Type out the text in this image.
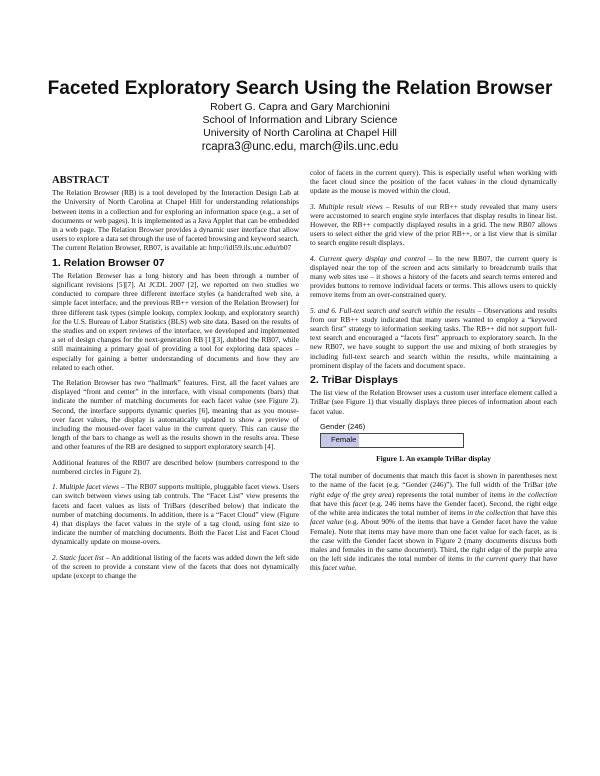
Faceted Exploratory Search Using the Relation Browser
Robert G. Capra and Gary Marchionini
School of Information and Library Science
University of North Carolina at Chapel Hill
rcapra3@unc.edu, march@ils.unc.edu
ABSTRACT

The Relation Browser (RB) is a tool developed by the Interaction Design Lab at the University of North Carolina at Chapel Hill for understanding relationships between items in a collection and for exploring an information space (e.g., a set of documents or web pages). It is implemented as a Java Applet that can be embedded in a web page. The Relation Browser provides a dynamic user interface that allow users to explore a data set through the use of faceted browsing and keyword search. The current Relation Browser, RB07, is available at: http://idl59.ils.unc.edu/rb07

1. Relation Browser 07

The Relation Browser has a long history and has been through a number of significant revisions [5][7]. At JCDL 2007 [2], we reported on two studies we conducted to compare three different interface styles (a handcrafted web site, a simple facet interface, and the previous RB++ version of the Relation Browser) for three different task types (simple lookup, complex lookup, and exploratory search) for the U.S. Bureau of Labor Statistics (BLS) web site data. Based on the results of the studies and on expert reviews of the interface, we developed and implemented a set of design changes for the next-generation RB [1][3], dubbed the RB07, while still maintaining a primary goal of providing a tool for exploring data spaces – especially for gaining a better understanding of documents and how they are related to each other.

The Relation Browser has two “hallmark” features. First, all the facet values are displayed “front and center” in the interface, with visual components (bars) that indicate the number of matching documents for each facet value (see Figure 2). Second, the interface supports dynamic queries [6], meaning that as you mouse-over facet values, the display is automatically updated to show a preview of including the moused-over facet value in the current query. This can cause the length of the bars to change as well as the results shown in the results area. These and other features of the RB are designed to support exploratory search [4].

Additional features of the RB07 are described below (numbers correspond to the numbered circles in Figure 2).

1. Multiple facet views – The RB07 supports multiple, pluggable facet views. Users can switch between views using tab controls. The “Facet List” view presents the facets and facet values as lists of TriBars (described below) that indicate the number of matching documents. In addition, there is a “Facet Cloud” view (Figure 4) that displays the facet values in the style of a tag cloud, using font size to indicate the number of matching documents. Both the Facet List and Facet Cloud dynamically update on mouse-overs.

2. Static facet list – An additional listing of the facets was added down the left side of the screen to provide a constant view of the facets that does not dynamically update (except to change the

color of facets in the current query). This is especially useful when working with the facet cloud since the position of the facet values in the cloud dynamically update as the mouse is moved within the cloud.

3. Multiple result views – Results of our RB++ study revealed that many users were accustomed to search engine style interfaces that display results in linear list. However, the RB++ compactly displayed results in a grid. The new RB07 allows users to select either the grid view of the prior RB++, or a list view that is similar to search engine result displays.

4. Current query display and control – In the new RB07, the current query is displayed near the top of the screen and acts similarly to breadcrumb trails that many web sites use – it shows a history of the facets and search terms entered and provides buttons to remove individual facets or terms. This allows users to quickly remove items from an over-constrained query.

5. and 6. Full-text search and search within the results – Observations and results from our RB++ study indicated that many users wanted to employ a “keyword search first” strategy to information seeking tasks. The RB++ did not support full-text search and encouraged a “facets first” approach to exploratory search. In the new RB07, we have sought to support the use and mixing of both strategies by including full-text search and search within the results, while maintaining a prominent display of the facets and document space.

2. TriBar Displays

The list view of the Relation Browser uses a custom user interface element called a TriBar (see Figure 1) that visually displays three pieces of information about each facet value.

Gender (246)
Female
Figure 1. An example TriBar display

The total number of documents that match this facet is shown in parentheses next to the name of the facet (e.g. “Gender (246)”). The full width of the TriBar (the right edge of the grey area) represents the total number of items in the collection that have this facet (e.g. 246 items have the Gender facet). Second, the right edge of the white area indicates the total number of items in the collection that have this facet value (e.g. About 90% of the items that have a Gender facet have the value Female). Note that items may have more than one facet value for each facet, as is the case with the Gender facet shown in Figure 2 (many documents discuss both males and females in the same document). Third, the right edge of the purple area on the left side indicates the total number of items in the current query that have this facet value.
